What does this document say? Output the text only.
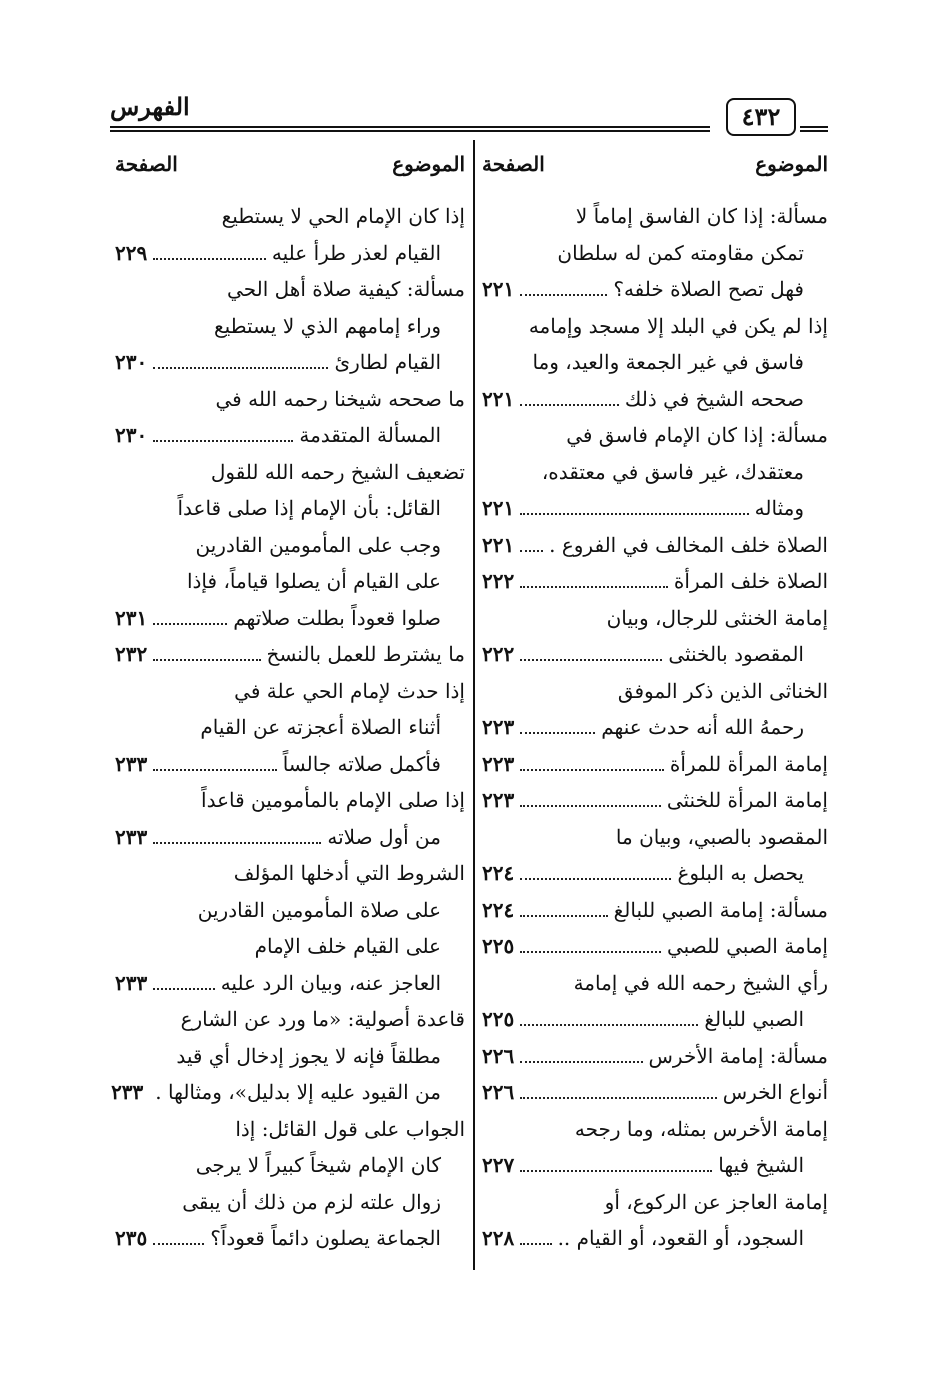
٤٣٢
الفهرس
الموضوع
الصفحة
مسألة: إذا كان الفاسق إماماً لا
تمكن مقاومته كمن له سلطان
فهل تصح الصلاة خلفه؟
٢٢١
إذا لم يكن في البلد إلا مسجد وإمامه
فاسق في غير الجمعة والعيد، وما
صححه الشيخ في ذلك
٢٢١
مسألة: إذا كان الإمام فاسق في
معتقدك، غير فاسق في معتقده،
ومثاله
٢٢١
الصلاة خلف المخالف في الفروع .
٢٢١
الصلاة خلف المرأة
٢٢٢
إمامة الخنثى للرجال، وبيان
المقصود بالخنثى
٢٢٢
الخناثى الذين ذكر الموفق
رحمهُ الله أنه حدث عنهم
٢٢٣
إمامة المرأة للمرأة
٢٢٣
إمامة المرأة للخنثى
٢٢٣
المقصود بالصبي، وبيان ما
يحصل به البلوغ
٢٢٤
مسألة: إمامة الصبي للبالغ
٢٢٤
إمامة الصبي للصبي
٢٢٥
رأي الشيخ رحمه الله في إمامة
الصبي للبالغ
٢٢٥
مسألة: إمامة الأخرس
٢٢٦
أنواع الخرس
٢٢٦
إمامة الأخرس بمثله، وما رجحه
الشيخ فيها
٢٢٧
إمامة العاجز عن الركوع، أو
السجود، أو القعود، أو القيام ..
٢٢٨
الموضوع
الصفحة
إذا كان الإمام الحي لا يستطيع
القيام لعذر طرأ عليه
٢٢٩
مسألة: كيفية صلاة أهل الحي
وراء إمامهم الذي لا يستطيع
القيام لطارئ
٢٣٠
ما صححه شيخنا رحمه الله في
المسألة المتقدمة
٢٣٠
تضعيف الشيخ رحمه الله للقول
القائل: بأن الإمام إذا صلى قاعداً
وجب على المأمومين القادرين
على القيام أن يصلوا قياماً، فإذا
صلوا قعوداً بطلت صلاتهم
٢٣١
ما يشترط للعمل بالنسخ
٢٣٢
إذا حدث لإمام الحي علة في
أثناء الصلاة أعجزته عن القيام
فأكمل صلاته جالساً
٢٣٣
إذا صلى الإمام بالمأمومين قاعداً
من أول صلاته
٢٣٣
الشروط التي أدخلها المؤلف
على صلاة المأمومين القادرين
على القيام خلف الإمام
العاجز عنه، وبيان الرد عليه
٢٣٣
قاعدة أصولية: «ما ورد عن الشارع
مطلقاً فإنه لا يجوز إدخال أي قيد
من القيود عليه إلا بدليل»، ومثالها .
٢٣٣
الجواب على قول القائل: إذا
كان الإمام شيخاً كبيراً لا يرجى
زوال علته لزم من ذلك أن يبقى
الجماعة يصلون دائماً قعوداً؟
٢٣٥
